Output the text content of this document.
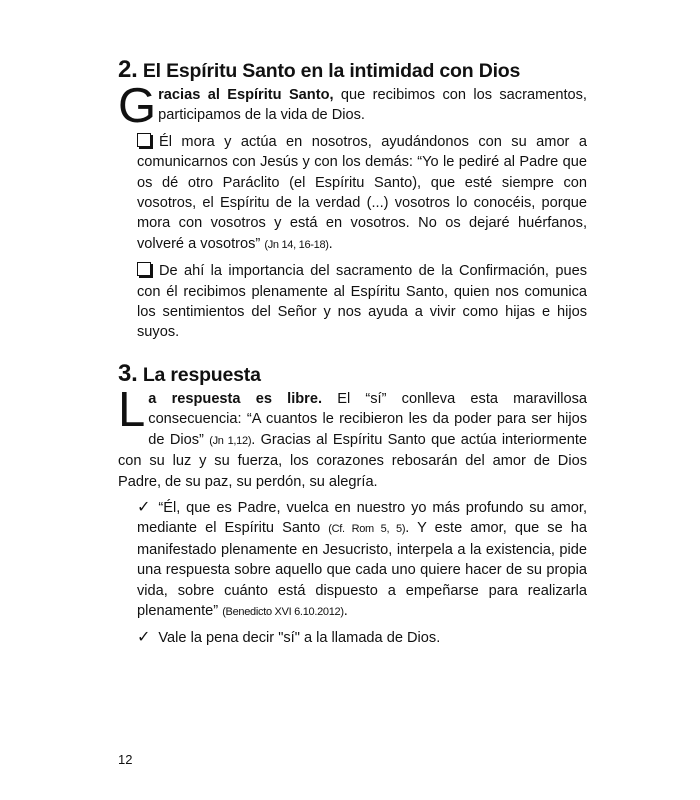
2. El Espíritu Santo en la intimidad con Dios

Gracias al Espíritu Santo, que recibimos con los sacramentos, participamos de la vida de Dios.

Él mora y actúa en nosotros, ayudándonos con su amor a comunicarnos con Jesús y con los demás: “Yo le pediré al Padre que os dé otro Paráclito (el Espíritu Santo), que esté siempre con vosotros, el Espíritu de la verdad (...) vosotros lo conocéis, porque mora con vosotros y está en vosotros. No os dejaré huérfanos, volveré a vosotros” (Jn 14, 16-18).

De ahí la importancia del sacramento de la Confirmación, pues con él recibimos plenamente al Espíritu Santo, quien nos comunica los sentimientos del Señor y nos ayuda a vivir como hijas e hijos suyos.

3. La respuesta

La respuesta es libre. El “sí” conlleva esta maravillosa consecuencia: “A cuantos le recibieron les da poder para ser hijos de Dios” (Jn 1,12). Gracias al Espíritu Santo que actúa interiormente con su luz y su fuerza, los corazones rebosarán del amor de Dios Padre, de su paz, su perdón, su alegría.

✓ “Él, que es Padre, vuelca en nuestro yo más profundo su amor, mediante el Espíritu Santo (Cf. Rom 5, 5). Y este amor, que se ha manifestado plenamente en Jesucristo, interpela a la existencia, pide una respuesta sobre aquello que cada uno quiere hacer de su propia vida, sobre cuánto está dispuesto a empeñarse para realizarla plenamente” (Benedicto XVI 6.10.2012).

✓ Vale la pena decir "sí" a la llamada de Dios.

12
